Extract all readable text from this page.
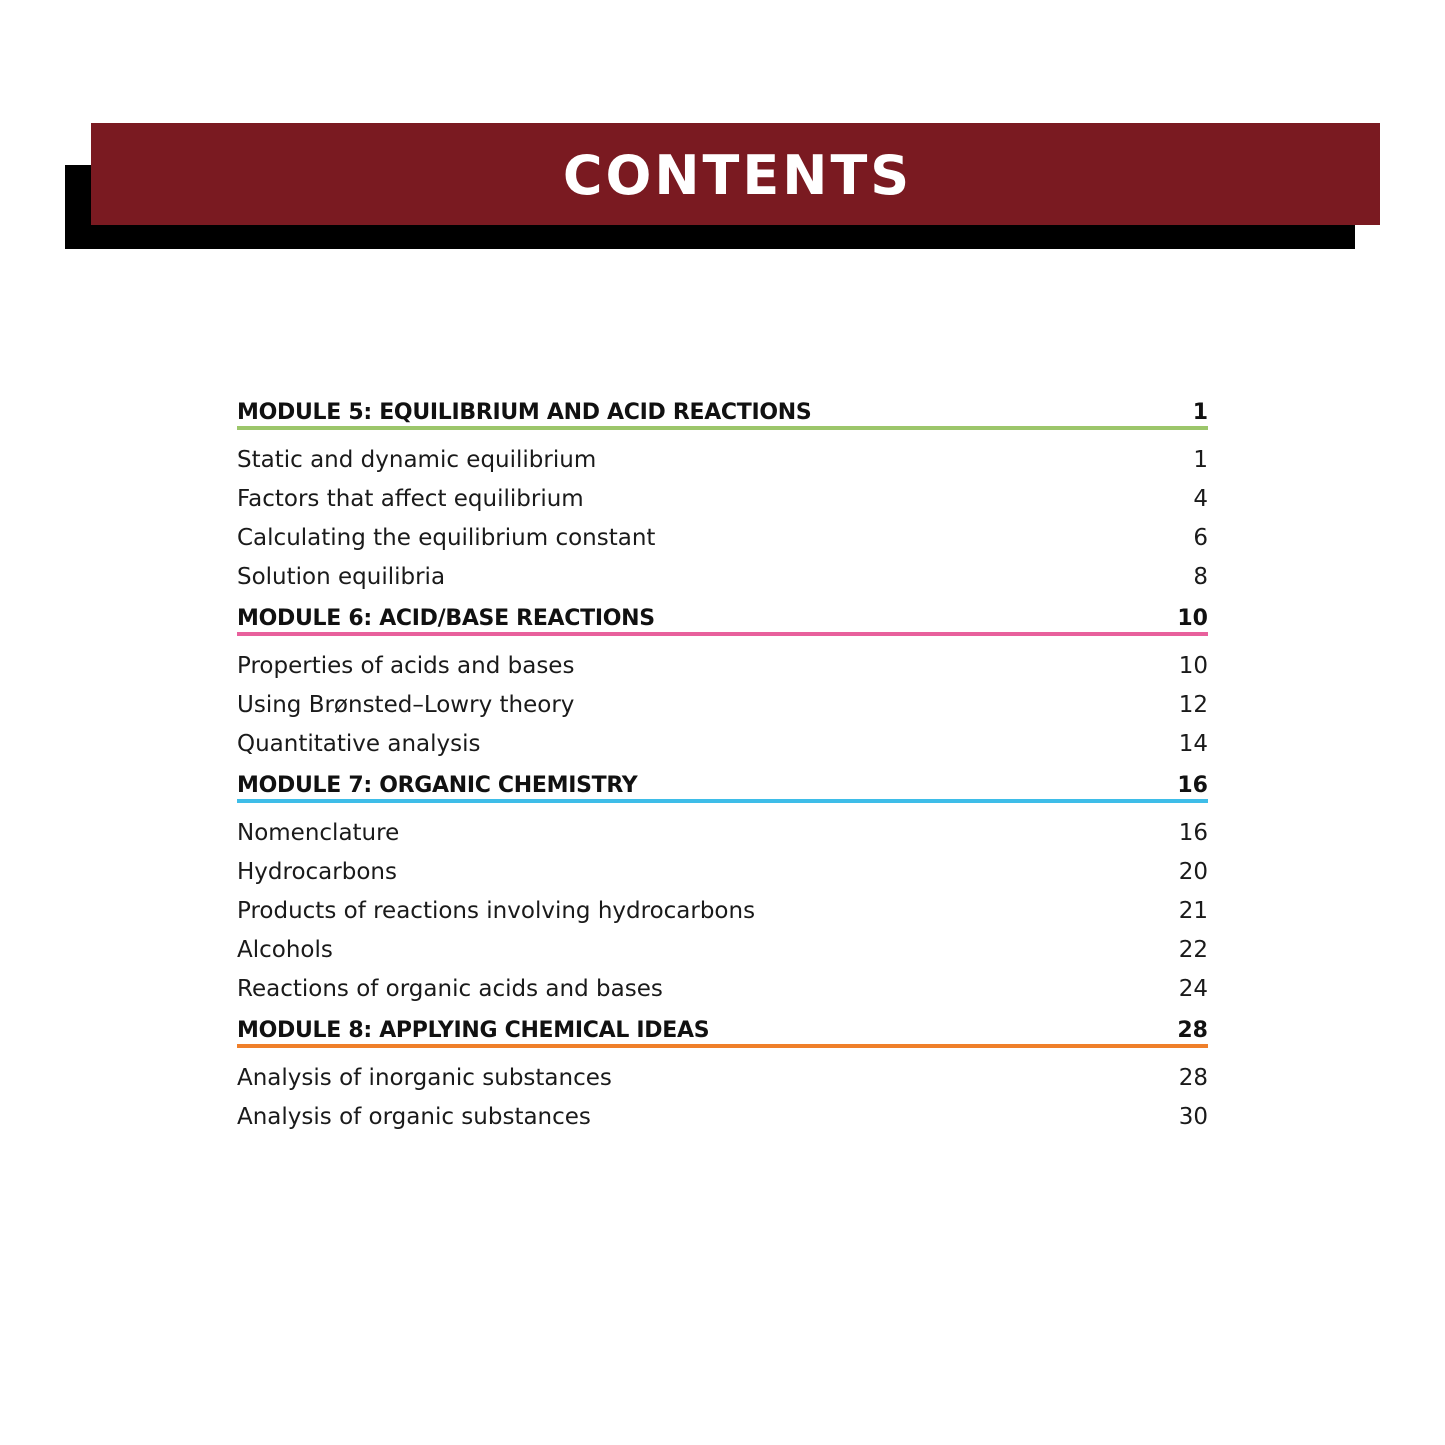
CONTENTS
MODULE 5: EQUILIBRIUM AND ACID REACTIONS	1
Static and dynamic equilibrium	1
Factors that affect equilibrium	4
Calculating the equilibrium constant	6
Solution equilibria	8
MODULE 6: ACID/BASE REACTIONS	10
Properties of acids and bases	10
Using Brønsted–Lowry theory	12
Quantitative analysis	14
MODULE 7: ORGANIC CHEMISTRY	16
Nomenclature	16
Hydrocarbons	20
Products of reactions involving hydrocarbons	21
Alcohols	22
Reactions of organic acids and bases	24
MODULE 8: APPLYING CHEMICAL IDEAS	28
Analysis of inorganic substances	28
Analysis of organic substances	30
